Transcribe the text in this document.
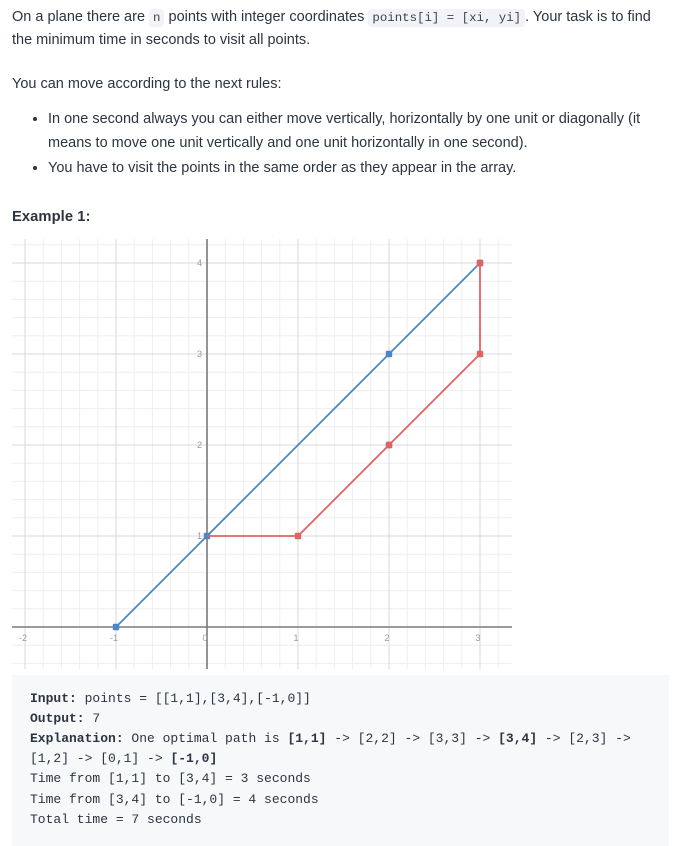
On a plane there are n points with integer coordinates points[i] = [xi, yi] . Your task is to find the minimum time in seconds to visit all points.

You can move according to the next rules:

• In one second always you can either move vertically, horizontally by one unit or diagonally (it means to move one unit vertically and one unit horizontally in one second).
• You have to visit the points in the same order as they appear in the array.
Example 1:
-2	-1	0	1	2	3
1
2
3
4
Input: points = [[1,1],[3,4],[-1,0]]
Output: 7
Explanation: One optimal path is [1,1] -> [2,2] -> [3,3] -> [3,4] -> [2,3] -> [1,2] -> [0,1] -> [-1,0]
Time from [1,1] to [3,4] = 3 seconds
Time from [3,4] to [-1,0] = 4 seconds
Total time = 7 seconds
